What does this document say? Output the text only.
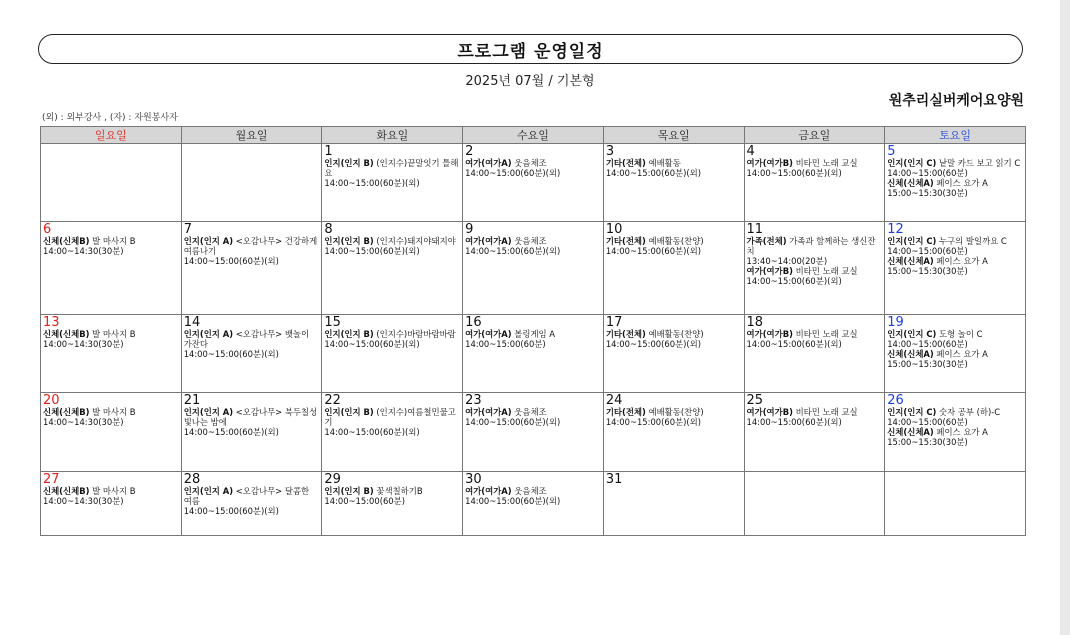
프로그램 운영일정
2025년 07월 / 기본형
원추리실버케어요양원
(외) : 외부강사 , (자) : 자원봉사자
일요일	월요일	화요일	수요일	목요일	금요일	토요일

		1
인지(인지 B) (인지수)끝말잇기 틀해요
14:00~15:00(60분)(외)	2
여가(여가A) 웃음체조
14:00~15:00(60분)(외)	3
기타(전체) 예배활동
14:00~15:00(60분)(외)	4
여가(여가B) 비타민 노래 교실
14:00~15:00(60분)(외)	5
인지(인지 C) 낱말 카드 보고 읽기 C
14:00~15:00(60분)
신체(신체A) 페이스 요가 A
15:00~15:30(30분)

6
신체(신체B) 발 마사지 B
14:00~14:30(30분)	7
인지(인지 A) <오감나무> 건강하게 여름나기
14:00~15:00(60분)(외)	8
인지(인지 B) (인지수)돼지야돼지야
14:00~15:00(60분)(외)	9
여가(여가A) 웃음체조
14:00~15:00(60분)(외)	10
기타(전체) 예배활동(찬양)
14:00~15:00(60분)(외)	11
가족(전체) 가족과 함께하는 생신잔치
13:40~14:00(20분)
여가(여가B) 비타민 노래 교실
14:00~15:00(60분)(외)	12
인지(인지 C) 누구의 발일까요 C
14:00~15:00(60분)
신체(신체A) 페이스 요가 A
15:00~15:30(30분)

13
신체(신체B) 발 마사지 B
14:00~14:30(30분)	14
인지(인지 A) <오감나무> 뱃놀이 가잔다
14:00~15:00(60분)(외)	15
인지(인지 B) (인지수)바람바람바람
14:00~15:00(60분)(외)	16
여가(여가A) 볼링게임 A
14:00~15:00(60분)	17
기타(전체) 예배활동(찬양)
14:00~15:00(60분)(외)	18
여가(여가B) 비타민 노래 교실
14:00~15:00(60분)(외)	19
인지(인지 C) 도형 놀이 C
14:00~15:00(60분)
신체(신체A) 페이스 요가 A
15:00~15:30(30분)

20
신체(신체B) 발 마사지 B
14:00~14:30(30분)	21
인지(인지 A) <오감나무> 북두칠성 빛나는 밤에
14:00~15:00(60분)(외)	22
인지(인지 B) (인지수)여름철민물고기
14:00~15:00(60분)(외)	23
여가(여가A) 웃음체조
14:00~15:00(60분)(외)	24
기타(전체) 예배활동(찬양)
14:00~15:00(60분)(외)	25
여가(여가B) 비타민 노래 교실
14:00~15:00(60분)(외)	26
인지(인지 C) 숫자 공부 (하)-C
14:00~15:00(60분)
신체(신체A) 페이스 요가 A
15:00~15:30(30분)

27
신체(신체B) 발 마사지 B
14:00~14:30(30분)	28
인지(인지 A) <오감나무> 달콤한 여름
14:00~15:00(60분)(외)	29
인지(인지 B) 꽃색칠하기B
14:00~15:00(60분)	30
여가(여가A) 웃음체조
14:00~15:00(60분)(외)	31		
